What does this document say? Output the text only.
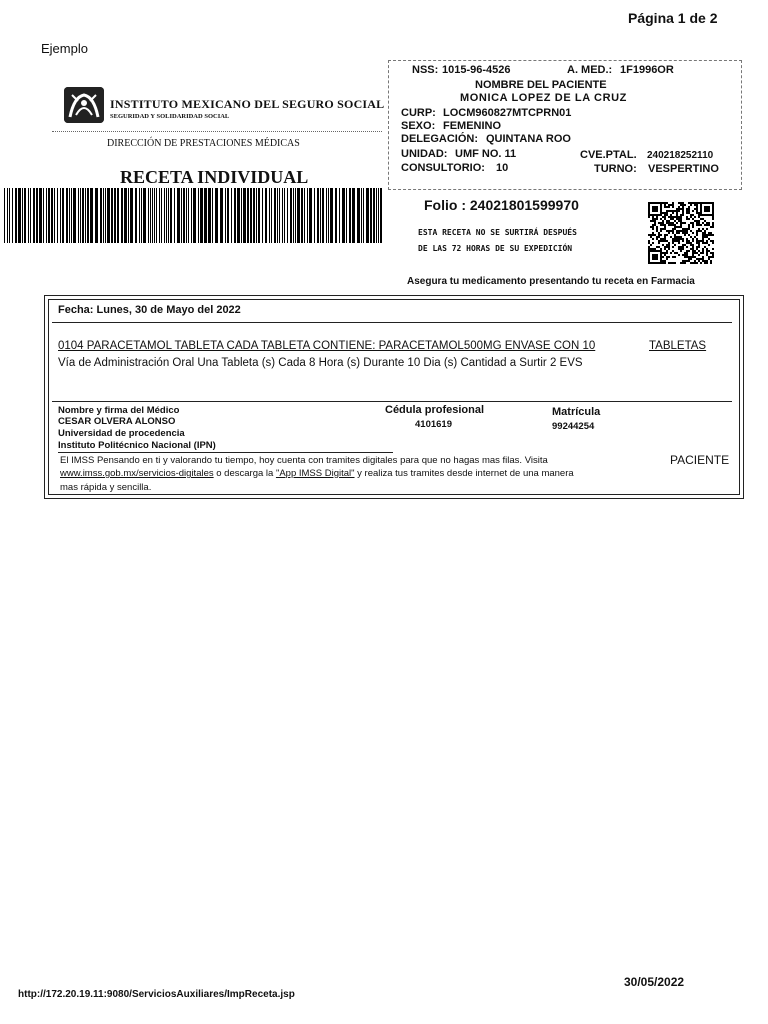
Página 1 de 2
Ejemplo
INSTITUTO MEXICANO DEL SEGURO SOCIAL
SEGURIDAD Y SOLIDARIDAD SOCIAL
DIRECCIÓN DE PRESTACIONES MÉDICAS
RECETA INDIVIDUAL
NSS: 1015-96-4526	A. MED.: 1F1996OR
NOMBRE DEL PACIENTE
MONICA LOPEZ DE LA CRUZ
CURP: LOCM960827MTCPRN01
SEXO: FEMENINO
DELEGACIÓN: QUINTANA ROO
UNIDAD: UMF NO. 11	CVE.PTAL. 240218252110
CONSULTORIO: 10	TURNO: VESPERTINO
Folio : 24021801599970
ESTA RECETA NO SE SURTIRÁ DESPUÉS
DE LAS 72 HORAS DE SU EXPEDICIÓN
Asegura tu medicamento presentando tu receta en Farmacia
Fecha: Lunes, 30 de Mayo del 2022
0104 PARACETAMOL TABLETA CADA TABLETA CONTIENE: PARACETAMOL500MG ENVASE CON 10	TABLETAS
Vía de Administración Oral Una Tableta (s) Cada 8 Hora (s) Durante 10 Dia (s) Cantidad a Surtir 2 EVS
Nombre y firma del Médico
CESAR OLVERA ALONSO
Universidad de procedencia
Instituto Politécnico Nacional (IPN)
Cédula profesional
4101619
Matrícula
99244254
El IMSS Pensando en ti y valorando tu tiempo, hoy cuenta con tramites digitales para que no hagas mas filas. Visita
www.imss.gob.mx/servicios-digitales o descarga la "App IMSS Digital" y realiza tus tramites desde internet de una manera
mas rápida y sencilla.
PACIENTE
30/05/2022
http://172.20.19.11:9080/ServiciosAuxiliares/ImpReceta.jsp
